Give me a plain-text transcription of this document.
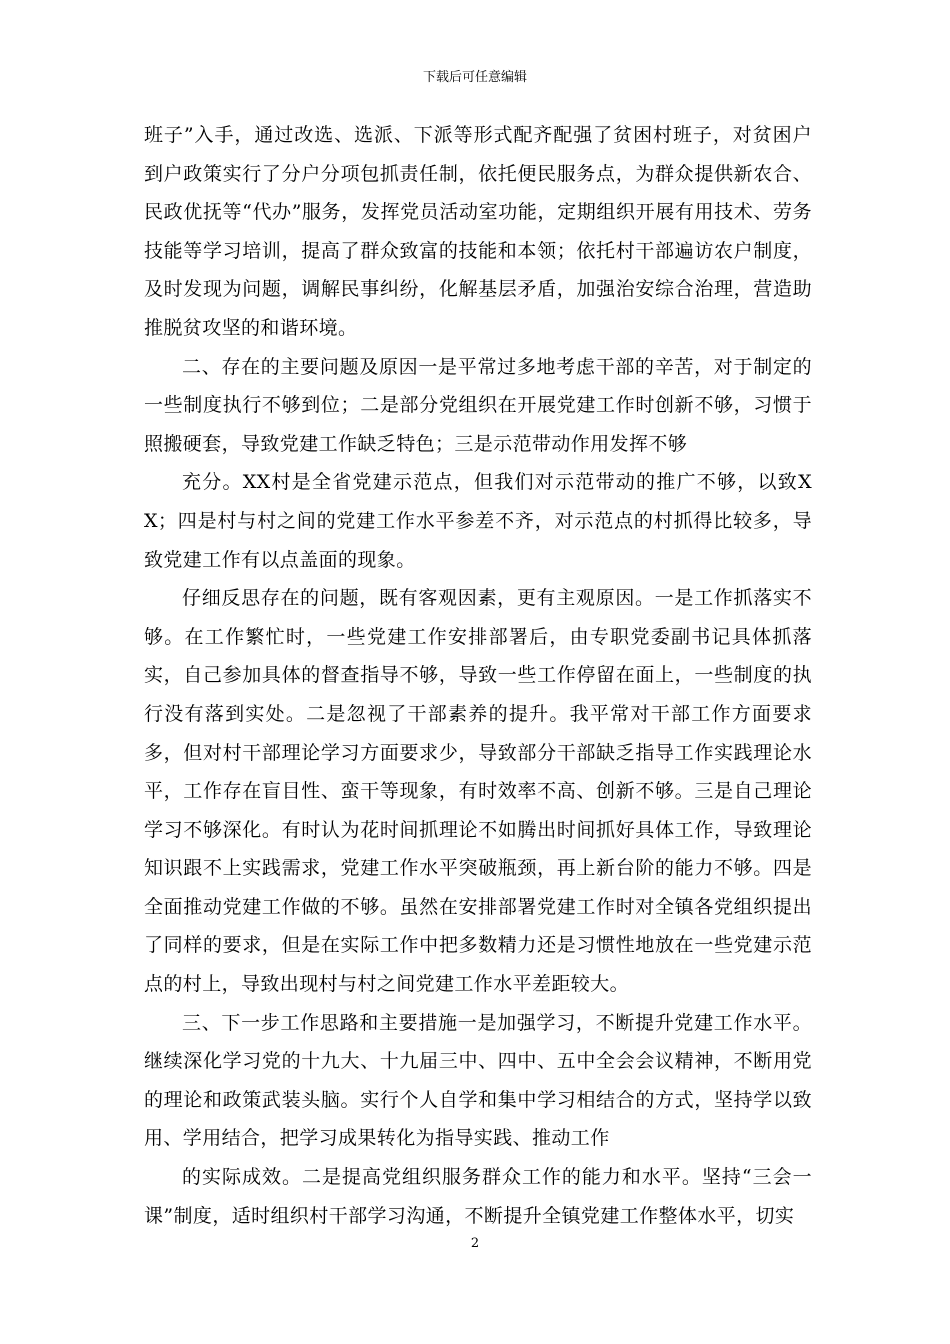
下载后可任意编辑

班子”入手，通过改选、选派、下派等形式配齐配强了贫困村班子，对贫困户到户政策实行了分户分项包抓责任制，依托便民服务点，为群众提供新农合、民政优抚等“代办”服务，发挥党员活动室功能，定期组织开展有用技术、劳务技能等学习培训，提高了群众致富的技能和本领；依托村干部遍访农户制度，及时发现为问题，调解民事纠纷，化解基层矛盾，加强治安综合治理，营造助推脱贫攻坚的和谐环境。

二、存在的主要问题及原因一是平常过多地考虑干部的辛苦，对于制定的一些制度执行不够到位；二是部分党组织在开展党建工作时创新不够，习惯于照搬硬套，导致党建工作缺乏特色；三是示范带动作用发挥不够

充分。XX村是全省党建示范点，但我们对示范带动的推广不够，以致XX；四是村与村之间的党建工作水平参差不齐，对示范点的村抓得比较多，导致党建工作有以点盖面的现象。

仔细反思存在的问题，既有客观因素，更有主观原因。一是工作抓落实不够。在工作繁忙时，一些党建工作安排部署后，由专职党委副书记具体抓落实，自己参加具体的督查指导不够，导致一些工作停留在面上，一些制度的执行没有落到实处。二是忽视了干部素养的提升。我平常对干部工作方面要求多，但对村干部理论学习方面要求少，导致部分干部缺乏指导工作实践理论水平，工作存在盲目性、蛮干等现象，有时效率不高、创新不够。三是自己理论学习不够深化。有时认为花时间抓理论不如腾出时间抓好具体工作，导致理论知识跟不上实践需求，党建工作水平突破瓶颈，再上新台阶的能力不够。四是全面推动党建工作做的不够。虽然在安排部署党建工作时对全镇各党组织提出了同样的要求，但是在实际工作中把多数精力还是习惯性地放在一些党建示范点的村上，导致出现村与村之间党建工作水平差距较大。

三、下一步工作思路和主要措施一是加强学习，不断提升党建工作水平。继续深化学习党的十九大、十九届三中、四中、五中全会会议精神，不断用党的理论和政策武装头脑。实行个人自学和集中学习相结合的方式，坚持学以致用、学用结合，把学习成果转化为指导实践、推动工作

的实际成效。二是提高党组织服务群众工作的能力和水平。坚持“三会一课”制度，适时组织村干部学习沟通，不断提升全镇党建工作整体水平，切实

2
